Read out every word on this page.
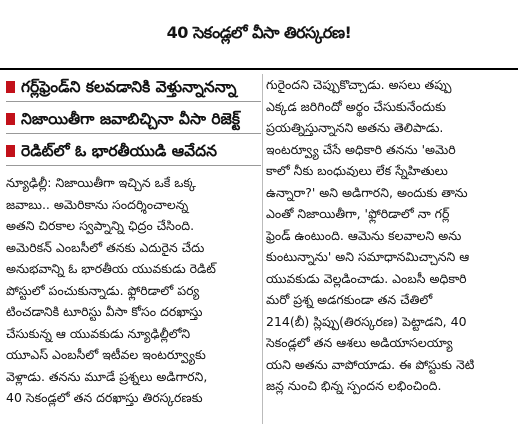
40 సెకండ్లలో వీసా తిరస్కరణ!
గర్ల్‌ఫ్రెండ్‌ని కలవడానికి వెళ్తున్నానన్నా
నిజాయితీగా జవాబిచ్చినా వీసా రిజెక్ట్
రెడిట్‌లో ఓ భారతీయుడి ఆవేదన

న్యూఢిల్లీ: నిజాయితీగా ఇచ్చిన ఒకే ఒక్క
జవాబు.. అమెరికాను సందర్శించాలన్న
అతని చిరకాల స్వప్నాన్ని ఛిద్రం చేసింది.
అమెరికన్ ఎంబసీలో తనకు ఎదురైన చేదు
అనుభవాన్ని ఓ భారతీయ యువకుడు రెడిట్
పోస్టులో పంచుకున్నాడు. ఫ్లోరిడాలో పర్య
టించడానికి టూరిస్టు వీసా కోసం దరఖాస్తు
చేసుకున్న ఆ యువకుడు న్యూఢిల్లీలోని
యూఎస్ ఎంబసీలో ఇటీవల ఇంటర్వ్యూకు
వెళ్లాడు. తనను మూడే ప్రశ్నలు అడిగారని,
40 సెకండ్లలో తన దరఖాస్తు తిరస్కరణకు

గురైందని చెప్పుకొచ్చాడు. అసలు తప్పు
ఎక్కడ జరిగిందో అర్థం చేసుకునేందుకు
ప్రయత్నిస్తున్నానని అతను తెలిపాడు.
ఇంటర్వ్యూ చేసే అధికారి తనను 'అమెరి
కాలో నీకు బంధువులు లేక స్నేహితులు
ఉన్నారా?' అని అడిగారని, అందుకు తాను
ఎంతో నిజాయితీగా, 'ఫ్లోరిడాలో నా గర్ల్
ఫ్రెండ్ ఉంటుంది. ఆమెను కలవాలని అను
కుంటున్నాను' అని సమాధానమిచ్చానని ఆ
యువకుడు వెల్లడించాడు. ఎంబసీ అధికారి
మరో ప్రశ్న అడగకుండా తన చేతిలో
214(బీ) స్లిప్పు(తిరస్కరణ) పెట్టాడని, 40
సెకండ్లలో తన ఆశలు అడియాసలయ్యా
యని అతను వాపోయాడు. ఈ పోస్టుకు నెటి
జన్ల నుంచి భిన్న స్పందన లభించింది.
